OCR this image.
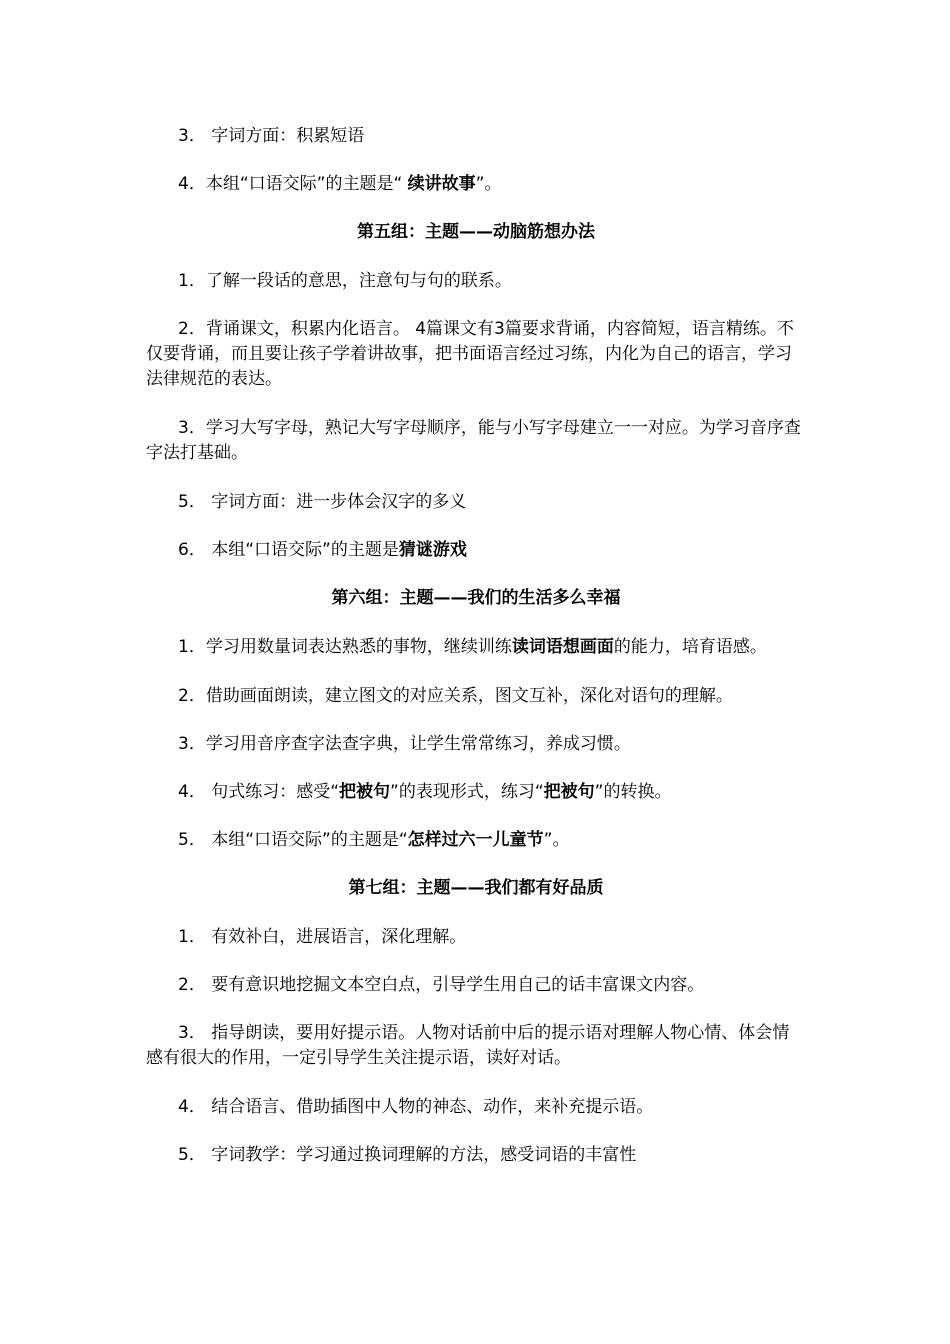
3． 字词方面：积累短语

4．本组“口语交际”的主题是“ 续讲故事”。

第五组：主题——动脑筋想办法

1．了解一段话的意思，注意句与句的联系。

2．背诵课文，积累内化语言。 4篇课文有3篇要求背诵，内容简短，语言精练。不仅要背诵，而且要让孩子学着讲故事，把书面语言经过习练，内化为自己的语言，学习法律规范的表达。

3．学习大写字母，熟记大写字母顺序，能与小写字母建立一一对应。为学习音序查字法打基础。

5． 字词方面：进一步体会汉字的多义

6． 本组“口语交际”的主题是猜谜游戏

第六组：主题——我们的生活多么幸福

1．学习用数量词表达熟悉的事物，继续训练读词语想画面的能力，培育语感。

2．借助画面朗读，建立图文的对应关系，图文互补，深化对语句的理解。

3．学习用音序查字法查字典，让学生常常练习，养成习惯。

4． 句式练习：感受“把被句”的表现形式，练习“把被句”的转换。

5． 本组“口语交际”的主题是“怎样过六一儿童节”。

第七组：主题——我们都有好品质

1． 有效补白，进展语言，深化理解。

2． 要有意识地挖掘文本空白点，引导学生用自己的话丰富课文内容。

3． 指导朗读，要用好提示语。人物对话前中后的提示语对理解人物心情、体会情感有很大的作用，一定引导学生关注提示语，读好对话。

4． 结合语言、借助插图中人物的神态、动作，来补充提示语。

5． 字词教学：学习通过换词理解的方法，感受词语的丰富性
